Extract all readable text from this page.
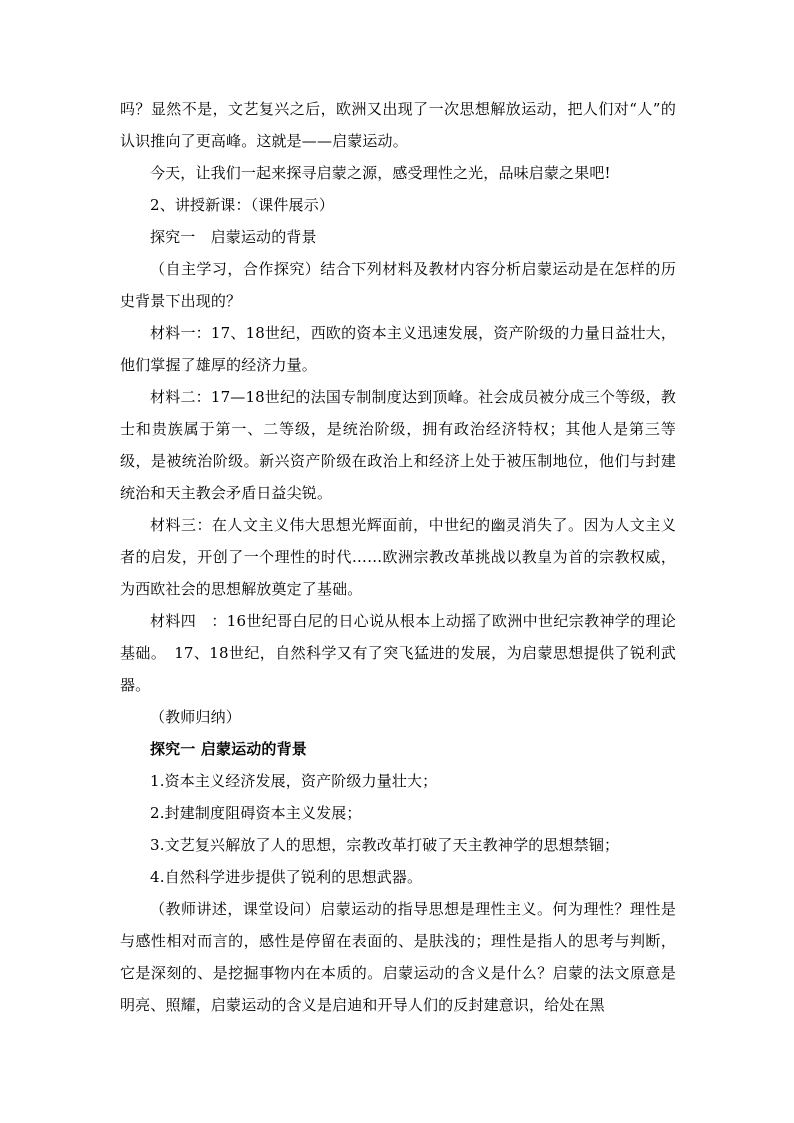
吗？显然不是，文艺复兴之后，欧洲又出现了一次思想解放运动，把人们对“人”的认识推向了更高峰。这就是——启蒙运动。

今天，让我们一起来探寻启蒙之源，感受理性之光，品味启蒙之果吧!

2、讲授新课：（课件展示）

探究一　启蒙运动的背景

（自主学习，合作探究）结合下列材料及教材内容分析启蒙运动是在怎样的历史背景下出现的？

材料一：17、18世纪，西欧的资本主义迅速发展，资产阶级的力量日益壮大，他们掌握了雄厚的经济力量。

材料二：17—18世纪的法国专制制度达到顶峰。社会成员被分成三个等级，教士和贵族属于第一、二等级，是统治阶级，拥有政治经济特权；其他人是第三等级，是被统治阶级。新兴资产阶级在政治上和经济上处于被压制地位，他们与封建统治和天主教会矛盾日益尖锐。

材料三：在人文主义伟大思想光辉面前，中世纪的幽灵消失了。因为人文主义者的启发，开创了一个理性的时代……欧洲宗教改革挑战以教皇为首的宗教权威，为西欧社会的思想解放奠定了基础。

材料四　：16世纪哥白尼的日心说从根本上动摇了欧洲中世纪宗教神学的理论基础。　17、18世纪，自然科学又有了突飞猛进的发展，为启蒙思想提供了锐利武器。

（教师归纳）

探究一 启蒙运动的背景

1.资本主义经济发展，资产阶级力量壮大；

2.封建制度阻碍资本主义发展；

3.文艺复兴解放了人的思想，宗教改革打破了天主教神学的思想禁锢；

4.自然科学进步提供了锐利的思想武器。

（教师讲述，课堂设问）启蒙运动的指导思想是理性主义。何为理性？理性是与感性相对而言的，感性是停留在表面的、是肤浅的；理性是指人的思考与判断，它是深刻的、是挖掘事物内在本质的。启蒙运动的含义是什么？启蒙的法文原意是明亮、照耀，启蒙运动的含义是启迪和开导人们的反封建意识，给处在黑
